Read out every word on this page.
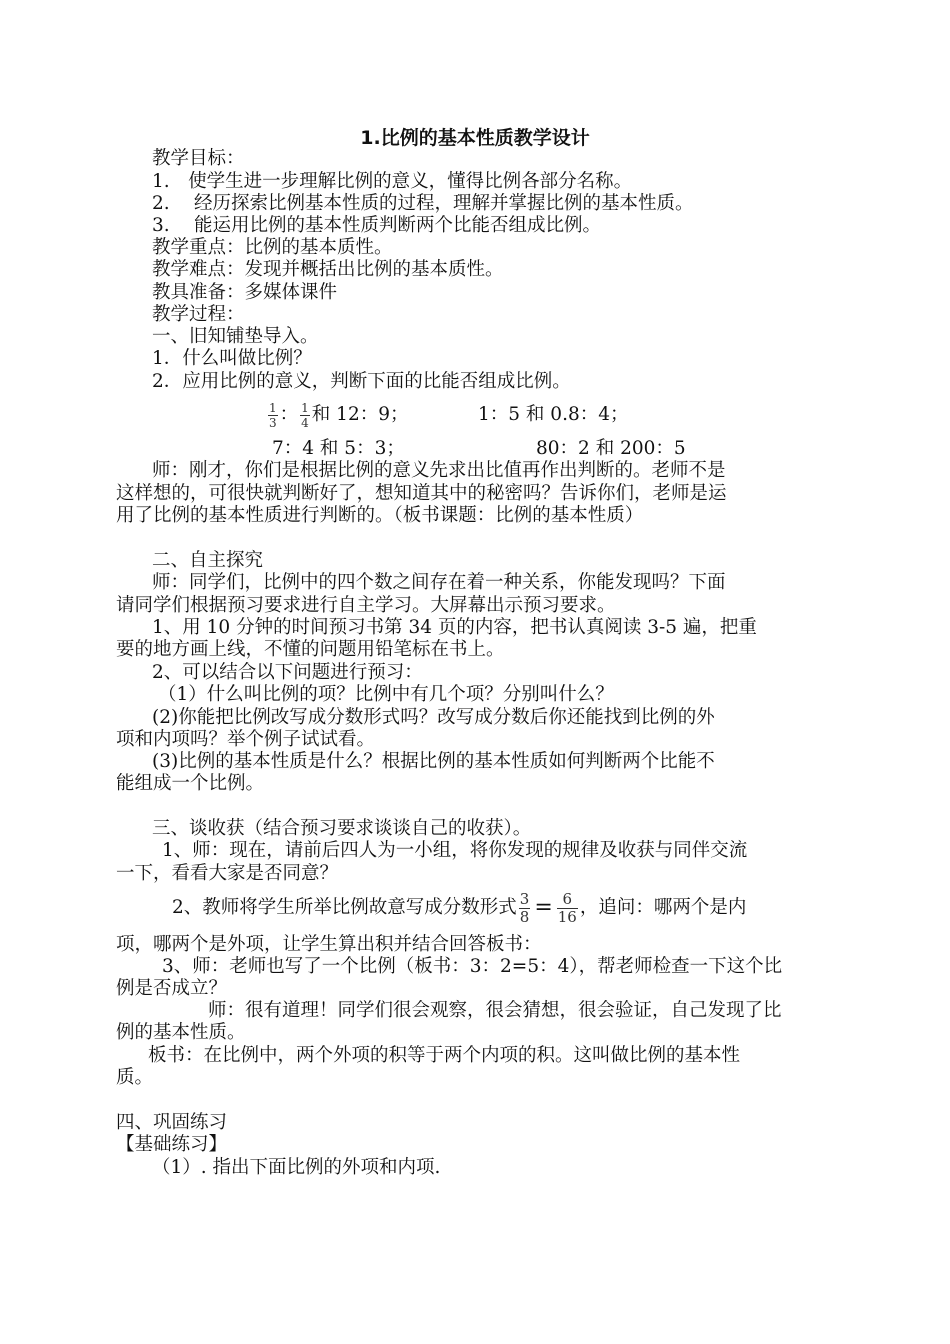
1.比例的基本性质教学设计
教学目标：
1.　使学生进一步理解比例的意义，懂得比例各部分名称。
2.　 经历探索比例基本性质的过程，理解并掌握比例的基本性质。
3.　 能运用比例的基本性质判断两个比能否组成比例。
教学重点：比例的基本质性。
教学难点：发现并概括出比例的基本质性。
教具准备：多媒体课件
教学过程：
一、旧知铺垫导入。
1．什么叫做比例？
2．应用比例的意义，判断下面的比能否组成比例。
$\frac{1}{3}$ ： $\frac{1}{4}$ 和 12：9；	1：5 和 0.8：4；
7：4 和 5：3；	80：2 和 200：5
师：刚才，你们是根据比例的意义先求出比值再作出判断的。老师不是
这样想的，可很快就判断好了，想知道其中的秘密吗？告诉你们，老师是运
用了比例的基本性质进行判断的。（板书课题：比例的基本性质）
二、自主探究
师：同学们，比例中的四个数之间存在着一种关系，你能发现吗？下面
请同学们根据预习要求进行自主学习。大屏幕出示预习要求。
1、用 10 分钟的时间预习书第 34 页的内容，把书认真阅读 3-5 遍，把重
要的地方画上线，不懂的问题用铅笔标在书上。
2、可以结合以下问题进行预习：
（1）什么叫比例的项？比例中有几个项？分别叫什么？
(2)你能把比例改写成分数形式吗？改写成分数后你还能找到比例的外
项和内项吗？举个例子试试看。
(3)比例的基本性质是什么？根据比例的基本性质如何判断两个比能不
能组成一个比例。
三、谈收获（结合预习要求谈谈自己的收获）。
1、师：现在，请前后四人为一小组，将你发现的规律及收获与同伴交流
一下，看看大家是否同意？
2、教师将学生所举比例故意写成分数形式 $\frac{3}{8} = \frac{6}{16}$ ，追问：哪两个是内
项，哪两个是外项，让学生算出积并结合回答板书：
3、师：老师也写了一个比例（板书：3：2=5：4），帮老师检查一下这个比
例是否成立？
师：很有道理！同学们很会观察，很会猜想，很会验证，自己发现了比
例的基本性质。
板书：在比例中，两个外项的积等于两个内项的积。这叫做比例的基本性
质。
四、巩固练习
【基础练习】
（1）. 指出下面比例的外项和内项.
